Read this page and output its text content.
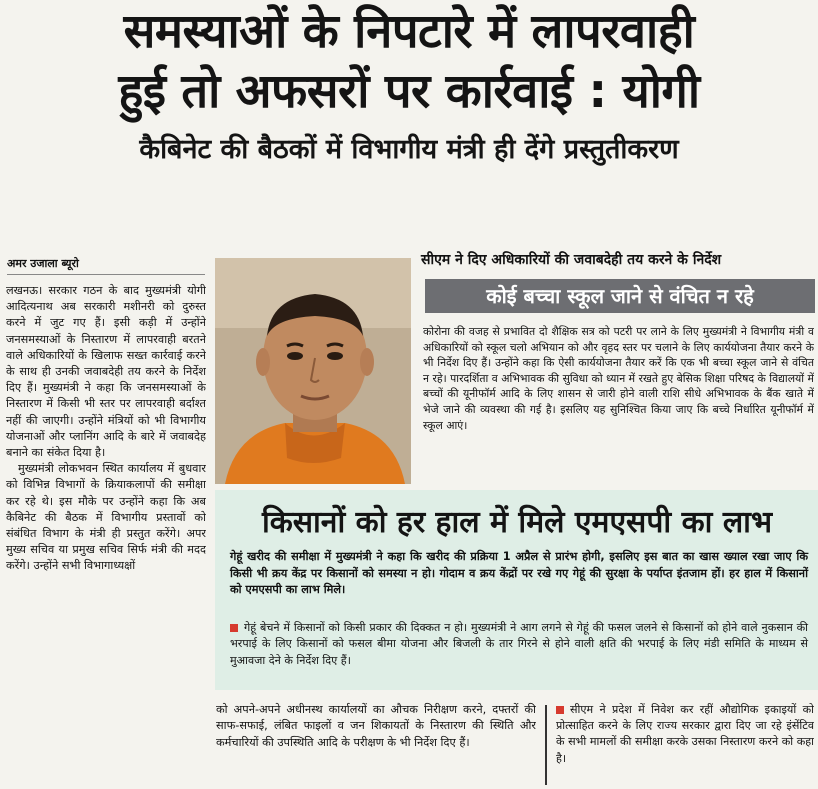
समस्याओं के निपटारे में लापरवाही
हुई तो अफसरों पर कार्रवाई : योगी
कैबिनेट की बैठकों में विभागीय मंत्री ही देंगे प्रस्तुतीकरण
अमर उजाला ब्यूरो

लखनऊ। सरकार गठन के बाद मुख्यमंत्री योगी आदित्यनाथ अब सरकारी मशीनरी को दुरुस्त करने में जुट गए हैं। इसी कड़ी में उन्होंने जनसमस्याओं के निस्तारण में लापरवाही बरतने वाले अधिकारियों के खिलाफ सख्त कार्रवाई करने के साथ ही उनकी जवाबदेही तय करने के निर्देश दिए हैं। मुख्यमंत्री ने कहा कि जनसमस्याओं के निस्तारण में किसी भी स्तर पर लापरवाही बर्दाश्त नहीं की जाएगी। उन्होंने मंत्रियों को भी विभागीय योजनाओं और प्लानिंग आदि के बारे में जवाबदेह बनाने का संकेत दिया है।

मुख्यमंत्री लोकभवन स्थित कार्यालय में बुधवार को विभिन्न विभागों के क्रियाकलापों की समीक्षा कर रहे थे। इस मौके पर उन्होंने कहा कि अब कैबिनेट की बैठक में विभागीय प्रस्तावों को संबंधित विभाग के मंत्री ही प्रस्तुत करेंगे। अपर मुख्य सचिव या प्रमुख सचिव सिर्फ मंत्री की मदद करेंगे। उन्होंने सभी विभागाध्यक्षों

सीएम ने दिए अधिकारियों की जवाबदेही तय करने के निर्देश
कोई बच्चा स्कूल जाने से वंचित न रहे
कोरोना की वजह से प्रभावित दो शैक्षिक सत्र को पटरी पर लाने के लिए मुख्यमंत्री ने विभागीय मंत्री व अधिकारियों को स्कूल चलो अभियान को और वृहद स्तर पर चलाने के लिए कार्ययोजना तैयार करने के भी निर्देश दिए हैं। उन्होंने कहा कि ऐसी कार्ययोजना तैयार करें कि एक भी बच्चा स्कूल जाने से वंचित न रहे। पारदर्शिता व अभिभावक की सुविधा को ध्यान में रखते हुए बेसिक शिक्षा परिषद के विद्यालयों में बच्चों की यूनीफॉर्म आदि के लिए शासन से जारी होने वाली राशि सीधे अभिभावक के बैंक खाते में भेजे जाने की व्यवस्था की गई है। इसलिए यह सुनिश्चित किया जाए कि बच्चे निर्धारित यूनीफॉर्म में स्कूल आएं।
किसानों को हर हाल में मिले एमएसपी का लाभ
गेहूं खरीद की समीक्षा में मुख्यमंत्री ने कहा कि खरीद की प्रक्रिया 1 अप्रैल से प्रारंभ होगी, इसलिए इस बात का खास ख्याल रखा जाए कि किसी भी क्रय केंद्र पर किसानों को समस्या न हो। गोदाम व क्रय केंद्रों पर रखे गए गेहूं की सुरक्षा के पर्याप्त इंतजाम हों। हर हाल में किसानों को एमएसपी का लाभ मिले।
गेहूं बेचने में किसानों को किसी प्रकार की दिक्कत न हो। मुख्यमंत्री ने आग लगने से गेहूं की फसल जलने से किसानों को होने वाले नुकसान की भरपाई के लिए किसानों को फसल बीमा योजना और बिजली के तार गिरने से होने वाली क्षति की भरपाई के लिए मंडी समिति के माध्यम से मुआवजा देने के निर्देश दिए हैं।
को अपने-अपने अधीनस्थ कार्यालयों का औचक निरीक्षण करने, दफ्तरों की साफ-सफाई, लंबित फाइलों व जन शिकायतों के निस्तारण की स्थिति और कर्मचारियों की उपस्थिति आदि के परीक्षण के भी निर्देश दिए हैं।
सीएम ने प्रदेश में निवेश कर रहीं औद्योगिक इकाइयों को प्रोत्साहित करने के लिए राज्य सरकार द्वारा दिए जा रहे इंसेंटिव के सभी मामलों की समीक्षा करके उसका निस्तारण करने को कहा है।
